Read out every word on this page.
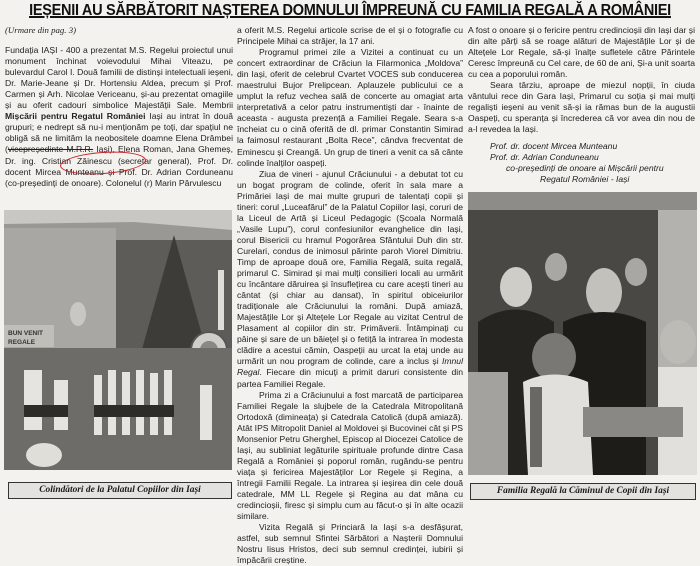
IEȘENII AU SĂRBĂTORIT NAȘTEREA DOMNULUI ÎMPREUNĂ CU FAMILIA REGALĂ A ROMÂNIEI

(Urmare din pag. 3)

Fundația IAȘI - 400 a prezentat M.S. Regelui proiectul unui monument închinat voievodului Mihai Viteazu, pe bulevardul Carol I. Două familii de distinși intelectuali ieșeni, Dr. Marie-Jeane și Dr. Hortensiu Aldea, precum și Prof. Carmen și Arh. Nicolae Vericeanu, și-au prezentat omagiile și au oferit cadouri simbolice Majestății Sale. Membrii Mișcării pentru Regatul României Iași au intrat în două grupuri; e nedrept să nu-i menționăm pe toți, dar spațiul ne obligă să ne limităm la neobositele doamne Elena Drâmbei (vicepreședinte M.R.R. Iași), Elena Roman, Jana Ghemeș, Dr. ing. Cristian Zăinescu (secretar general), Prof. Dr. docent Mircea Munteanu și Prof. Dr. Adrian Corduneanu (co-președinți de onoare). Colonelul (r) Marin Pârvulescu

BUN VENIT
REGALE
Colindători de la Palatul Copiilor din Iași

a oferit M.S. Regelui articole scrise de el și o fotografie cu Principele Mihai ca străjer, la 17 ani.

Programul primei zile a Vizitei a continuat cu un concert extraordinar de Crăciun la Filarmonica „Moldova” din Iași, oferit de celebrul Cvartet VOCES sub conducerea maestrului Bujor Prelipcean. Aplauzele publicului ce a umplut la refuz vechea sală de concerte au omagiat arta interpretativă a celor patru instrumentiști dar - înainte de aceasta - augusta prezență a Familiei Regale. Seara s-a încheiat cu o cină oferită de dl. primar Constantin Simirad la faimosul restaurant „Bolta Rece”, cândva frecventat de Eminescu și Creangă. Un grup de tineri a venit ca să cânte colinde înalților oaspeți.

Ziua de vineri - ajunul Crăciunului - a debutat tot cu un bogat program de colinde, oferit în sala mare a Primăriei Iași de mai multe grupuri de talentați copii și tineri: corul „Luceafărul” de la Palatul Copiilor Iași, coruri de la Liceul de Artă și Liceul Pedagogic (Școala Normală „Vasile Lupu”), corul confesiunilor evanghelice din Iași, corul Bisericii cu hramul Pogorârea Sfântului Duh din str. Curelari, condus de inimosul părinte paroh Viorel Dimitriu. Timp de aproape două ore, Familia Regală, suita regală, primarul C. Simirad și mai mulți consilieri locali au urmărit cu încântare dăruirea și însuflețirea cu care acești tineri au cântat (și chiar au dansat), în spiritul obiceiurilor tradiționale ale Crăciunului la români. După amiază, Majestățile Lor și Altețele Lor Regale au vizitat Centrul de Plasament al copiilor din str. Primăverii. Întâmpinați cu pâine și sare de un băiețel și o fetiță la intrarea în modesta clădire a acestui cămin, Oaspeții au urcat la etaj unde au urmărit un nou program de colinde, care a inclus și Imnul Regal. Fiecare din micuți a primit daruri consistente din partea Familiei Regale.

Prima zi a Crăciunului a fost marcată de participarea Familiei Regale la slujbele de la Catedrala Mitropolitană Ortodoxă (dimineața) și Catedrala Catolică (după amiază). Atât IPS Mitropolit Daniel al Moldovei și Bucovinei cât și PS Monsenior Petru Gherghel, Episcop al Diocezei Catolice de Iași, au subliniat legăturile spirituale profunde dintre Casa Regală a României și poporul român, rugându-se pentru viața și fericirea Majestăților Lor Regele și Regina, a întregii Familii Regale. La intrarea și ieșirea din cele două catedrale, MM LL Regele și Regina au dat mâna cu credincioșii, firesc și simplu cum au făcut-o și în alte ocazii similare.

Vizita Regală și Princiară la Iași s-a desfășurat, astfel, sub semnul Sfintei Sărbători a Nașterii Domnului Nostru Iisus Hristos, deci sub semnul credinței, iubirii și împăcării creștine.

A fost o onoare și o fericire pentru credincioșii din Iași dar și din alte părți să se roage alături de Majestățile Lor și de Altețele Lor Regale, să-și înalțe sufletele către Părintele Ceresc împreună cu Cel care, de 60 de ani, Și-a unit soarta cu cea a poporului român.

Seara târziu, aproape de miezul nopții, în ciuda vântului rece din Gara Iași, Primarul cu soția și mai mulți regaliști ieșeni au venit să-și ia rămas bun de la augustii Oaspeți, cu speranța și încrederea că vor avea din nou de a-l revedea la Iași.

Prof. dr. docent Mircea Munteanu
Prof. dr. Adrian Conduneanu
co-președinți de onoare ai Mișcării pentru
Regatul României - Iași

Familia Regală la Căminul de Copii din Iași
